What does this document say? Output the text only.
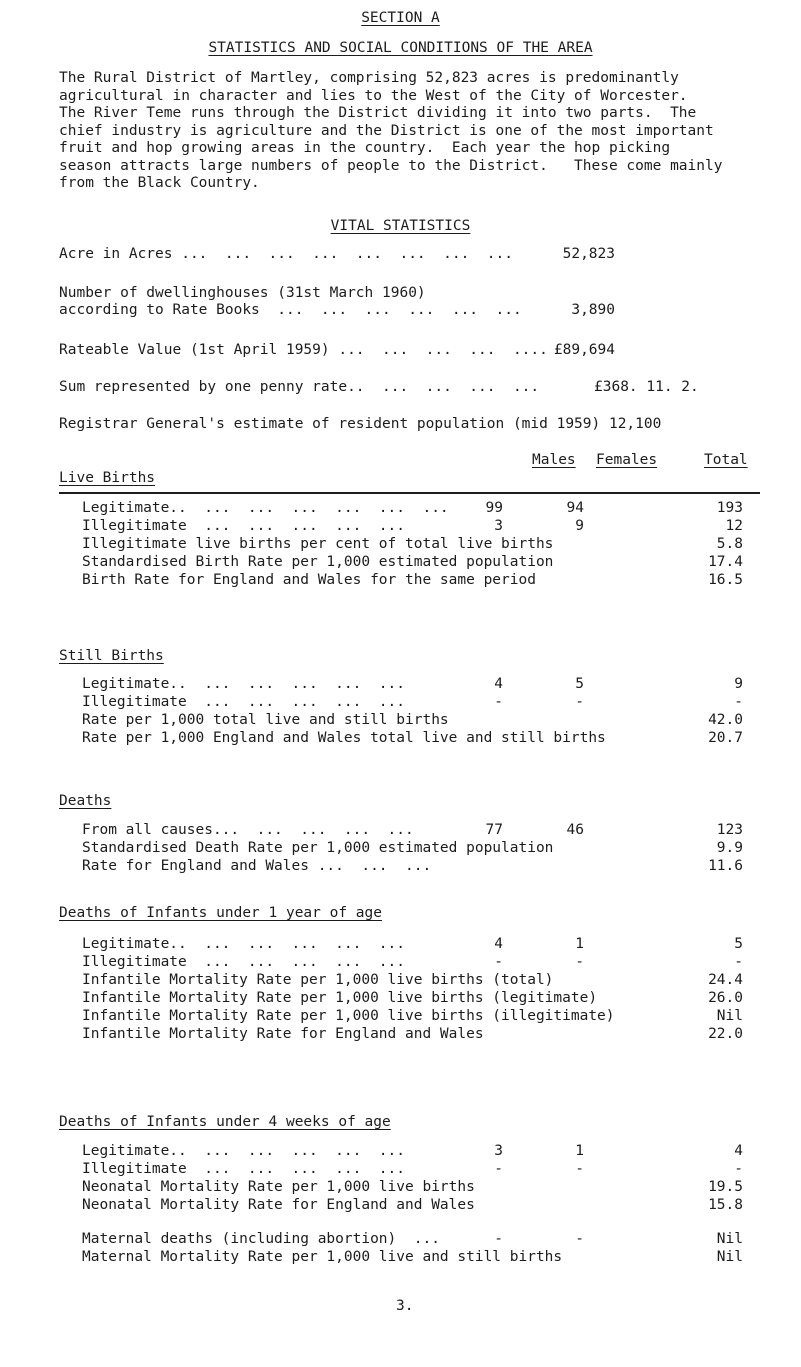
SECTION A
STATISTICS AND SOCIAL CONDITIONS OF THE AREA
The Rural District of Martley, comprising 52,823 acres is predominantly
agricultural in character and lies to the West of the City of Worcester.
The River Teme runs through the District dividing it into two parts.  The
chief industry is agriculture and the District is one of the most important
fruit and hop growing areas in the country.  Each year the hop picking
season attracts large numbers of people to the District.   These come mainly
from the Black Country.
VITAL STATISTICS
Acre in Acres ...  ...  ...  ...  ...  ...  ...  ...	52,823
Number of dwellinghouses (31st March 1960)
according to Rate Books  ...  ...  ...  ...  ...  ...	3,890
Rateable Value (1st April 1959) ...  ...  ...  ...  .... £89,694
Sum represented by one penny rate..  ...  ...  ...  ...	£368. 11. 2.
Registrar General's estimate of resident population (mid 1959) 12,100
Males Females	Total
Live Births
Legitimate..  ...  ...  ...  ...  ...  ...	99	94	193
Illegitimate  ...  ...  ...  ...  ...	3	9	12
Illegitimate live births per cent of total live births	5.8
Standardised Birth Rate per 1,000 estimated population	17.4
Birth Rate for England and Wales for the same period	16.5
Still Births
Legitimate..  ...  ...  ...  ...  ...	4	5	9
Illegitimate  ...  ...  ...  ...  ...	-	-	-
Rate per 1,000 total live and still births	42.0
Rate per 1,000 England and Wales total live and still births	20.7
Deaths
From all causes...  ...  ...  ...  ...	77	46	123
Standardised Death Rate per 1,000 estimated population	9.9
Rate for England and Wales ...  ...  ...	11.6
Deaths of Infants under 1 year of age
Legitimate..  ...  ...  ...  ...  ...	4	1	5
Illegitimate  ...  ...  ...  ...  ...	-	-	-
Infantile Mortality Rate per 1,000 live births (total)	24.4
Infantile Mortality Rate per 1,000 live births (legitimate)	26.0
Infantile Mortality Rate per 1,000 live births (illegitimate)	Nil
Infantile Mortality Rate for England and Wales	22.0
Deaths of Infants under 4 weeks of age
Legitimate..  ...  ...  ...  ...  ...	3	1	4
Illegitimate  ...  ...  ...  ...  ...	-	-	-
Neonatal Mortality Rate per 1,000 live births	19.5
Neonatal Mortality Rate for England and Wales	15.8
Maternal deaths (including abortion)  ...	-	-	Nil
Maternal Mortality Rate per 1,000 live and still births	Nil
3.
